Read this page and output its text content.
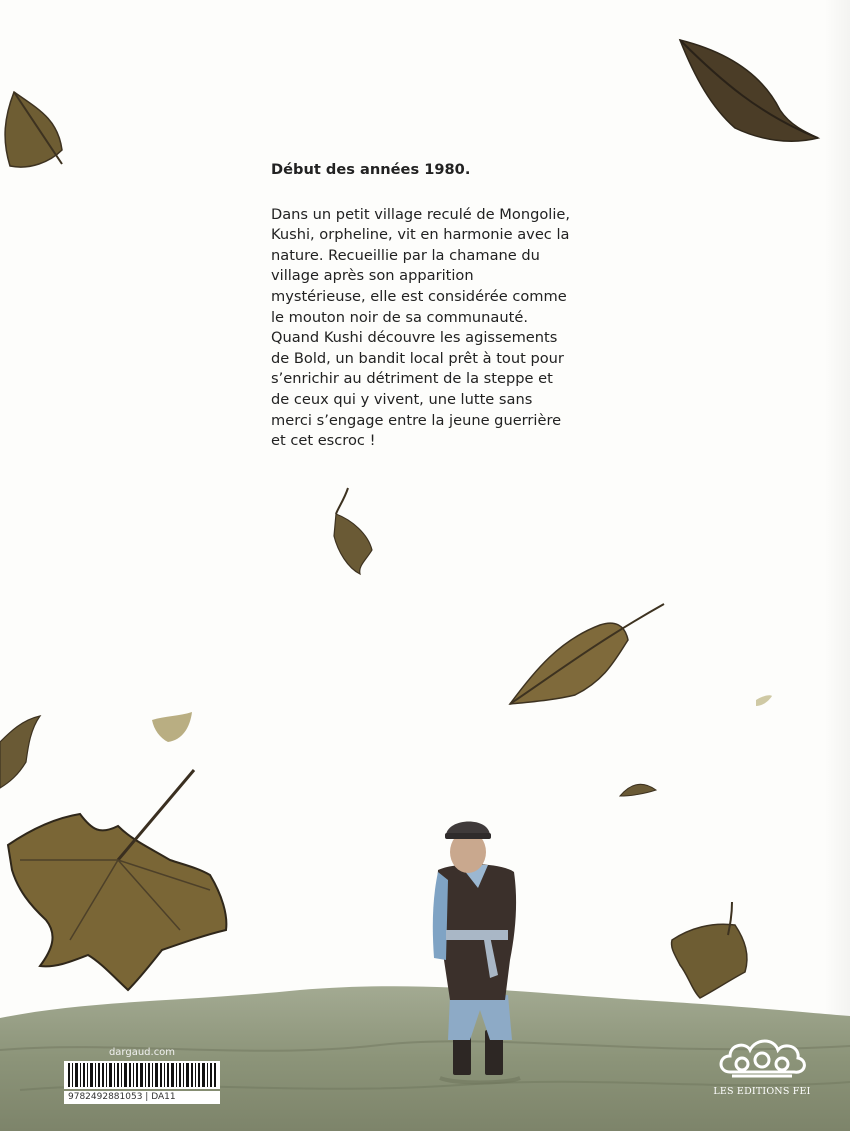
Début des années 1980.

Dans un petit village reculé de Mongolie, Kushi, orpheline, vit en harmonie avec la nature. Recueillie par la chamane du village après son apparition mystérieuse, elle est considérée comme le mouton noir de sa communauté. Quand Kushi découvre les agissements de Bold, un bandit local prêt à tout pour s’enrichir au détriment de la steppe et de ceux qui y vivent, une lutte sans merci s’engage entre la jeune guerrière et cet escroc !

dargaud.com
9782492881053 | DA11	LES EDITIONS FEI
